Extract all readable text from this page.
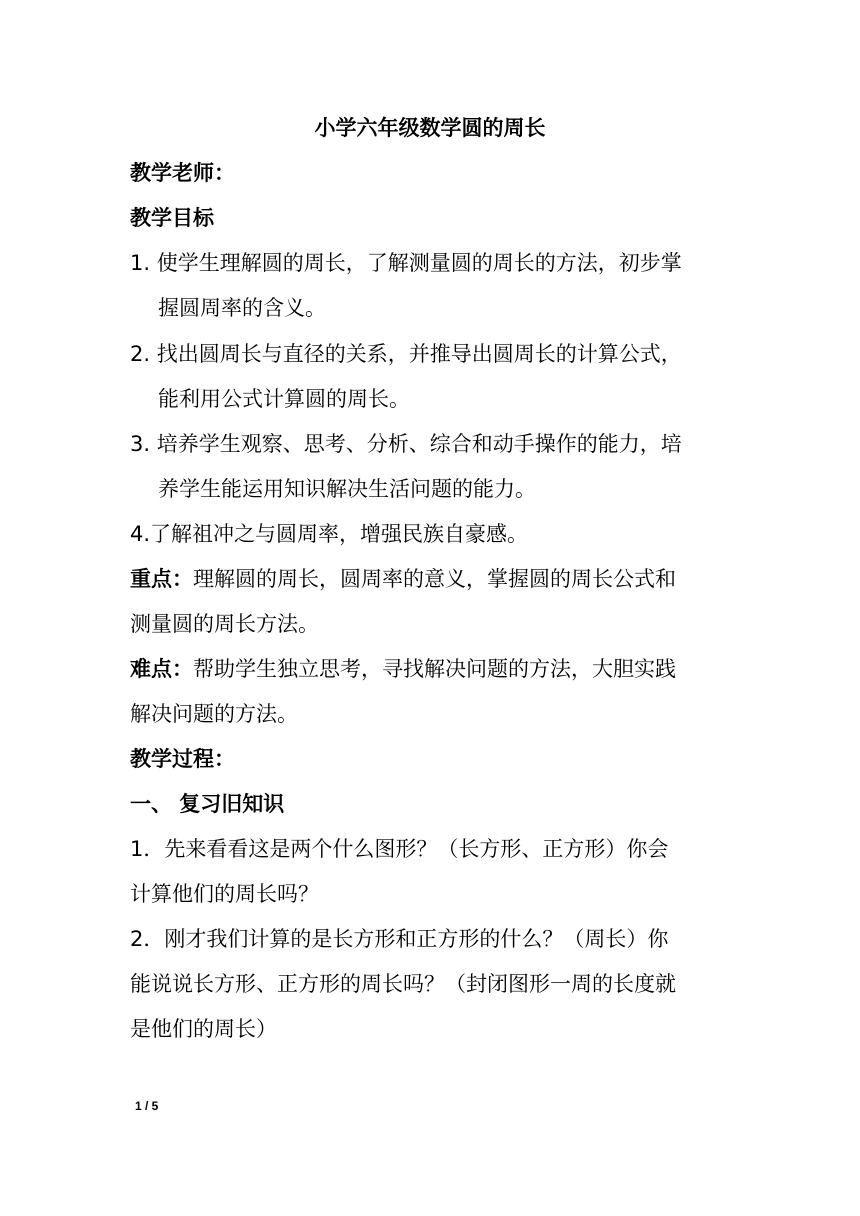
小学六年级数学圆的周长
教学老师：
教学目标
1. 使学生理解圆的周长，了解测量圆的周长的方法，初步掌
握圆周率的含义。
2. 找出圆周长与直径的关系，并推导出圆周长的计算公式，
能利用公式计算圆的周长。
3. 培养学生观察、思考、分析、综合和动手操作的能力，培
养学生能运用知识解决生活问题的能力。
4.了解祖冲之与圆周率，增强民族自豪感。
重点：理解圆的周长，圆周率的意义，掌握圆的周长公式和
测量圆的周长方法。
难点：帮助学生独立思考，寻找解决问题的方法，大胆实践
解决问题的方法。
教学过程：
一、 复习旧知识
1．先来看看这是两个什么图形？（长方形、正方形）你会
计算他们的周长吗？
2．刚才我们计算的是长方形和正方形的什么？（周长）你
能说说长方形、正方形的周长吗？（封闭图形一周的长度就
是他们的周长）
1 / 5
